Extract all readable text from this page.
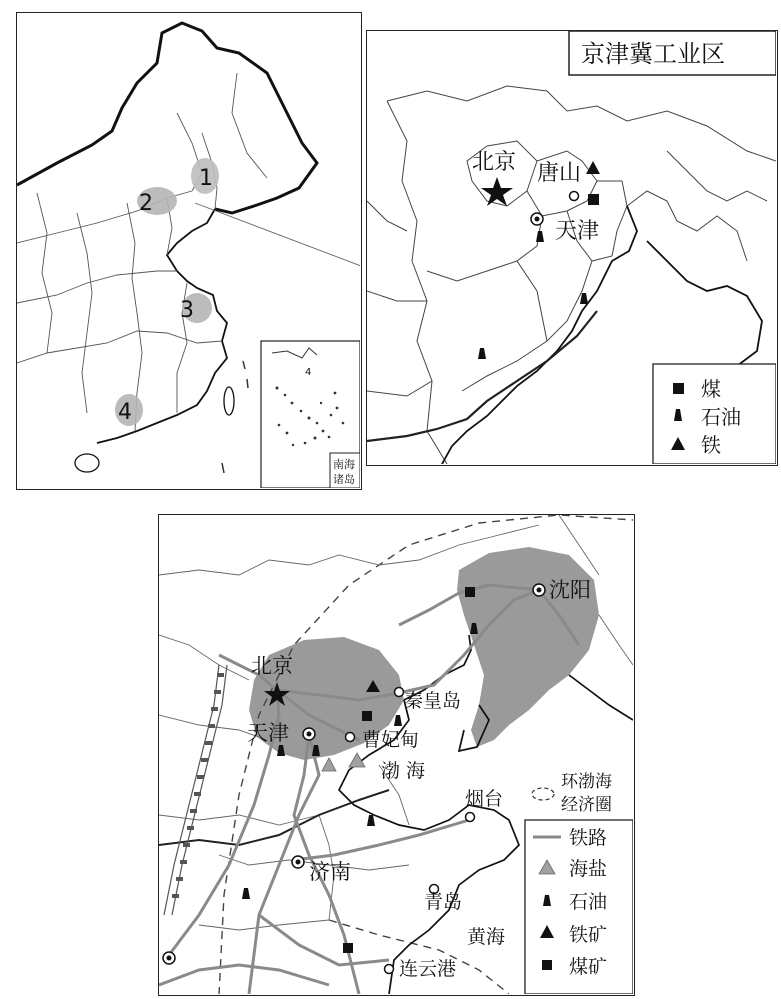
1
2
3
4
4
南海
诸岛
京津冀工业区
北京 唐山
天津
煤
石油
铁
北京
天津
秦皇岛
曹妃甸
沈阳
烟台
济南
青岛
连云港
渤 海
黄海
环渤海
经济圈
铁路
海盐
石油
铁矿
煤矿
